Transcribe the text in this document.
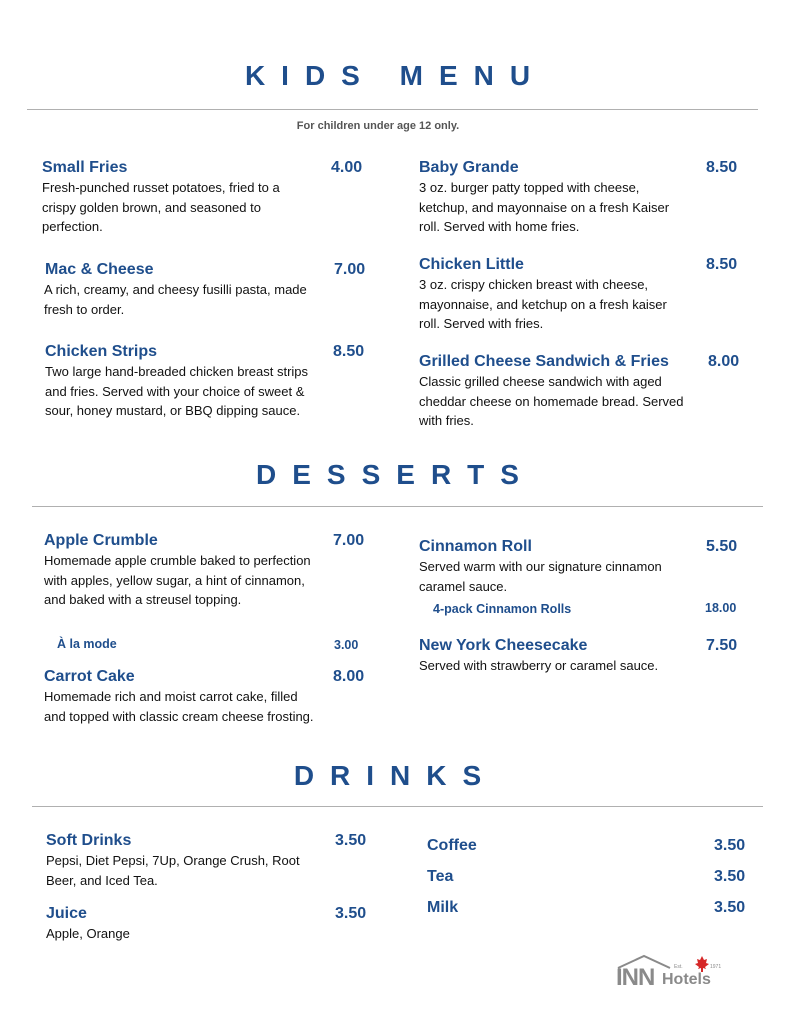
KIDS MENU
For children under age 12 only.
Small Fries	4.00
Fresh-punched russet potatoes, fried to a crispy golden brown, and seasoned to perfection.
Mac & Cheese	7.00
A rich, creamy, and cheesy fusilli pasta, made fresh to order.
Chicken Strips	8.50
Two large hand-breaded chicken breast strips and fries. Served with your choice of sweet & sour, honey mustard, or BBQ dipping sauce.
Baby Grande	8.50
3 oz. burger patty topped with cheese, ketchup, and mayonnaise on a fresh Kaiser roll. Served with home fries.
Chicken Little	8.50
3 oz. crispy chicken breast with cheese, mayonnaise, and ketchup on a fresh kaiser roll. Served with fries.
Grilled Cheese Sandwich & Fries 8.00
Classic grilled cheese sandwich with aged cheddar cheese on homemade bread. Served with fries.
DESSERTS
Apple Crumble	7.00
Homemade apple crumble baked to perfection with apples, yellow sugar, a hint of cinnamon, and baked with a streusel topping.
À la mode	3.00
Carrot Cake	8.00
Homemade rich and moist carrot cake, filled and topped with classic cream cheese frosting.
Cinnamon Roll	5.50
Served warm with our signature cinnamon caramel sauce.
4-pack Cinnamon Rolls	18.00
New York Cheesecake	7.50
Served with strawberry or caramel sauce.
DRINKS
Soft Drinks	3.50
Pepsi, Diet Pepsi, 7Up, Orange Crush, Root Beer, and Iced Tea.
Juice	3.50
Apple, Orange
Coffee	3.50
Tea	3.50
Milk	3.50
INN Hotels
Est.	1971
